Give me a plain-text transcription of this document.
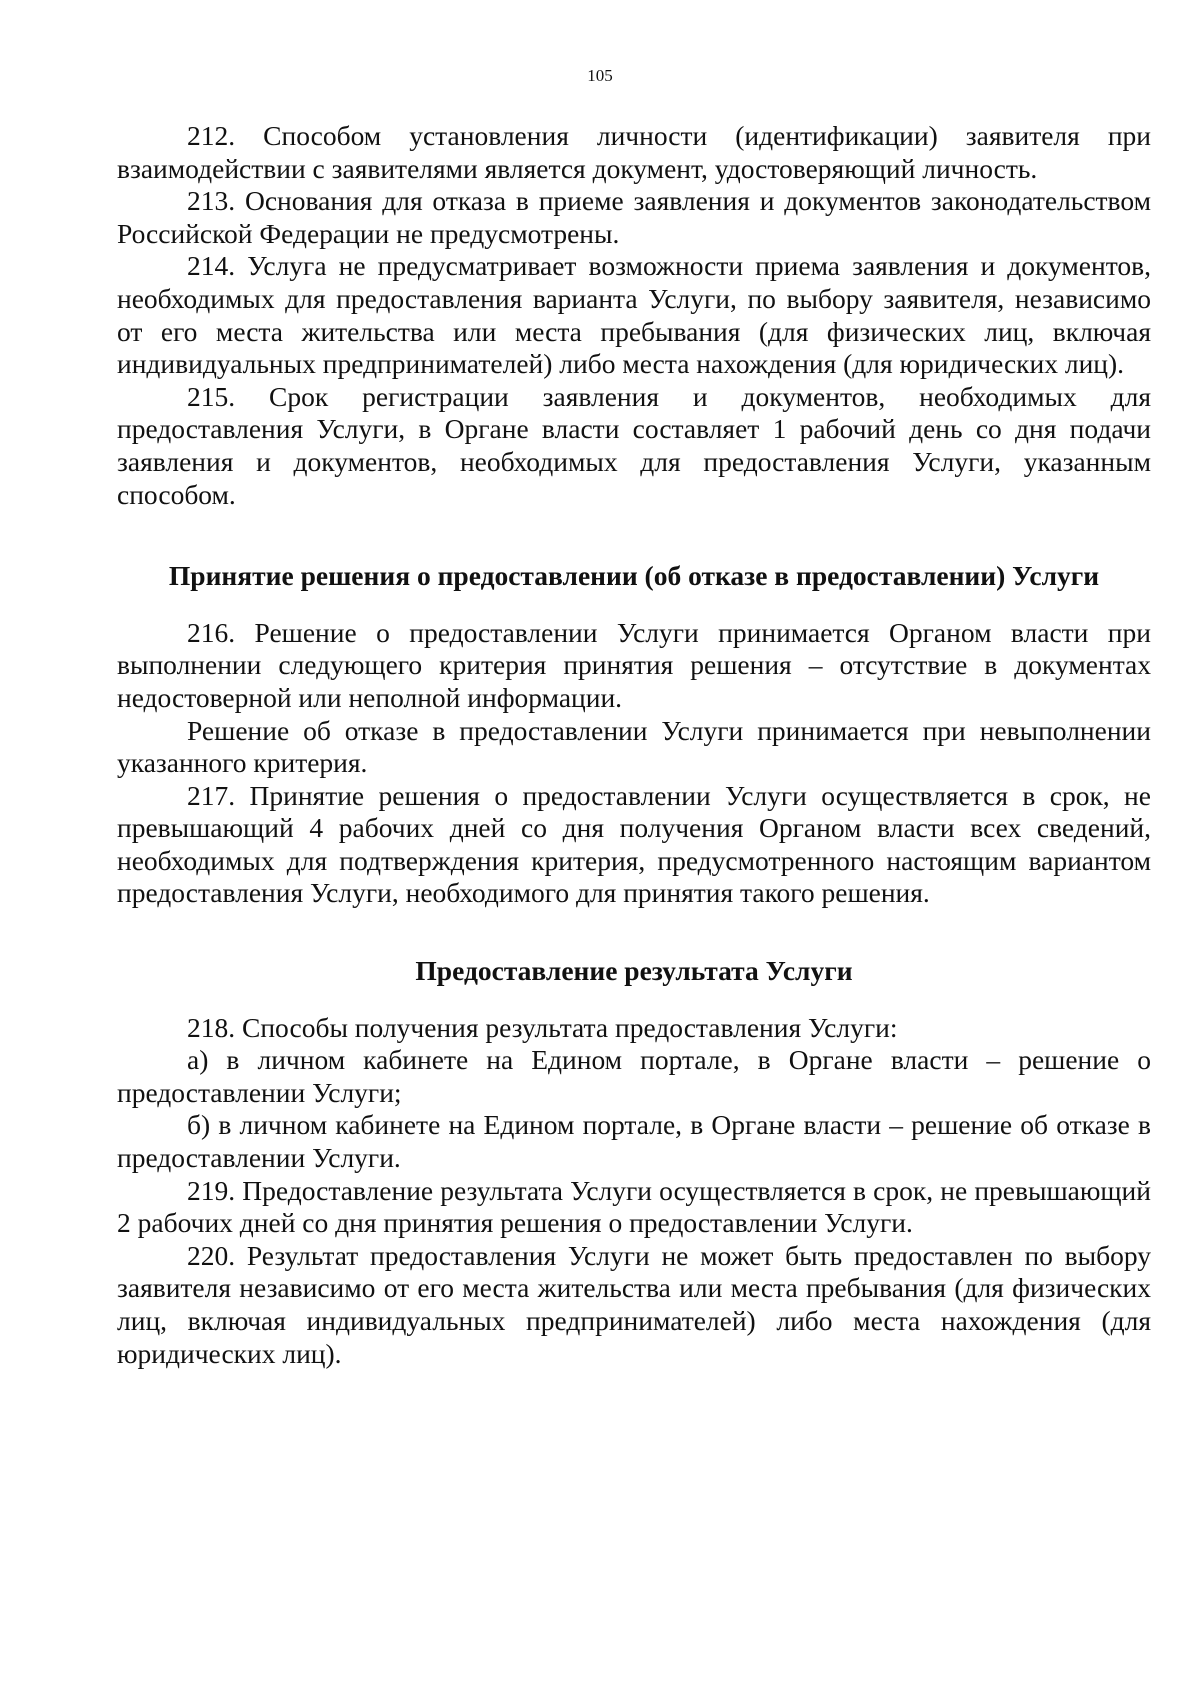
105

212. Способом установления личности (идентификации) заявителя при взаимодействии с заявителями является документ, удостоверяющий личность.

213. Основания для отказа в приеме заявления и документов законодательством Российской Федерации не предусмотрены.

214. Услуга не предусматривает возможности приема заявления и документов, необходимых для предоставления варианта Услуги, по выбору заявителя, независимо от его места жительства или места пребывания (для физических лиц, включая индивидуальных предпринимателей) либо места нахождения (для юридических лиц).

215. Срок регистрации заявления и документов, необходимых для предоставления Услуги, в Органе власти составляет 1 рабочий день со дня подачи заявления и документов, необходимых для предоставления Услуги, указанным способом.

Принятие решения о предоставлении (об отказе в предоставлении) Услуги

216. Решение о предоставлении Услуги принимается Органом власти при выполнении следующего критерия принятия решения – отсутствие в документах недостоверной или неполной информации.

Решение об отказе в предоставлении Услуги принимается при невыполнении указанного критерия.

217. Принятие решения о предоставлении Услуги осуществляется в срок, не превышающий 4 рабочих дней со дня получения Органом власти всех сведений, необходимых для подтверждения критерия, предусмотренного настоящим вариантом предоставления Услуги, необходимого для принятия такого решения.

Предоставление результата Услуги

218. Способы получения результата предоставления Услуги:

а) в личном кабинете на Едином портале, в Органе власти – решение о предоставлении Услуги;

б) в личном кабинете на Едином портале, в Органе власти – решение об отказе в предоставлении Услуги.

219. Предоставление результата Услуги осуществляется в срок, не превышающий 2 рабочих дней со дня принятия решения о предоставлении Услуги.

220. Результат предоставления Услуги не может быть предоставлен по выбору заявителя независимо от его места жительства или места пребывания (для физических лиц, включая индивидуальных предпринимателей) либо места нахождения (для юридических лиц).
